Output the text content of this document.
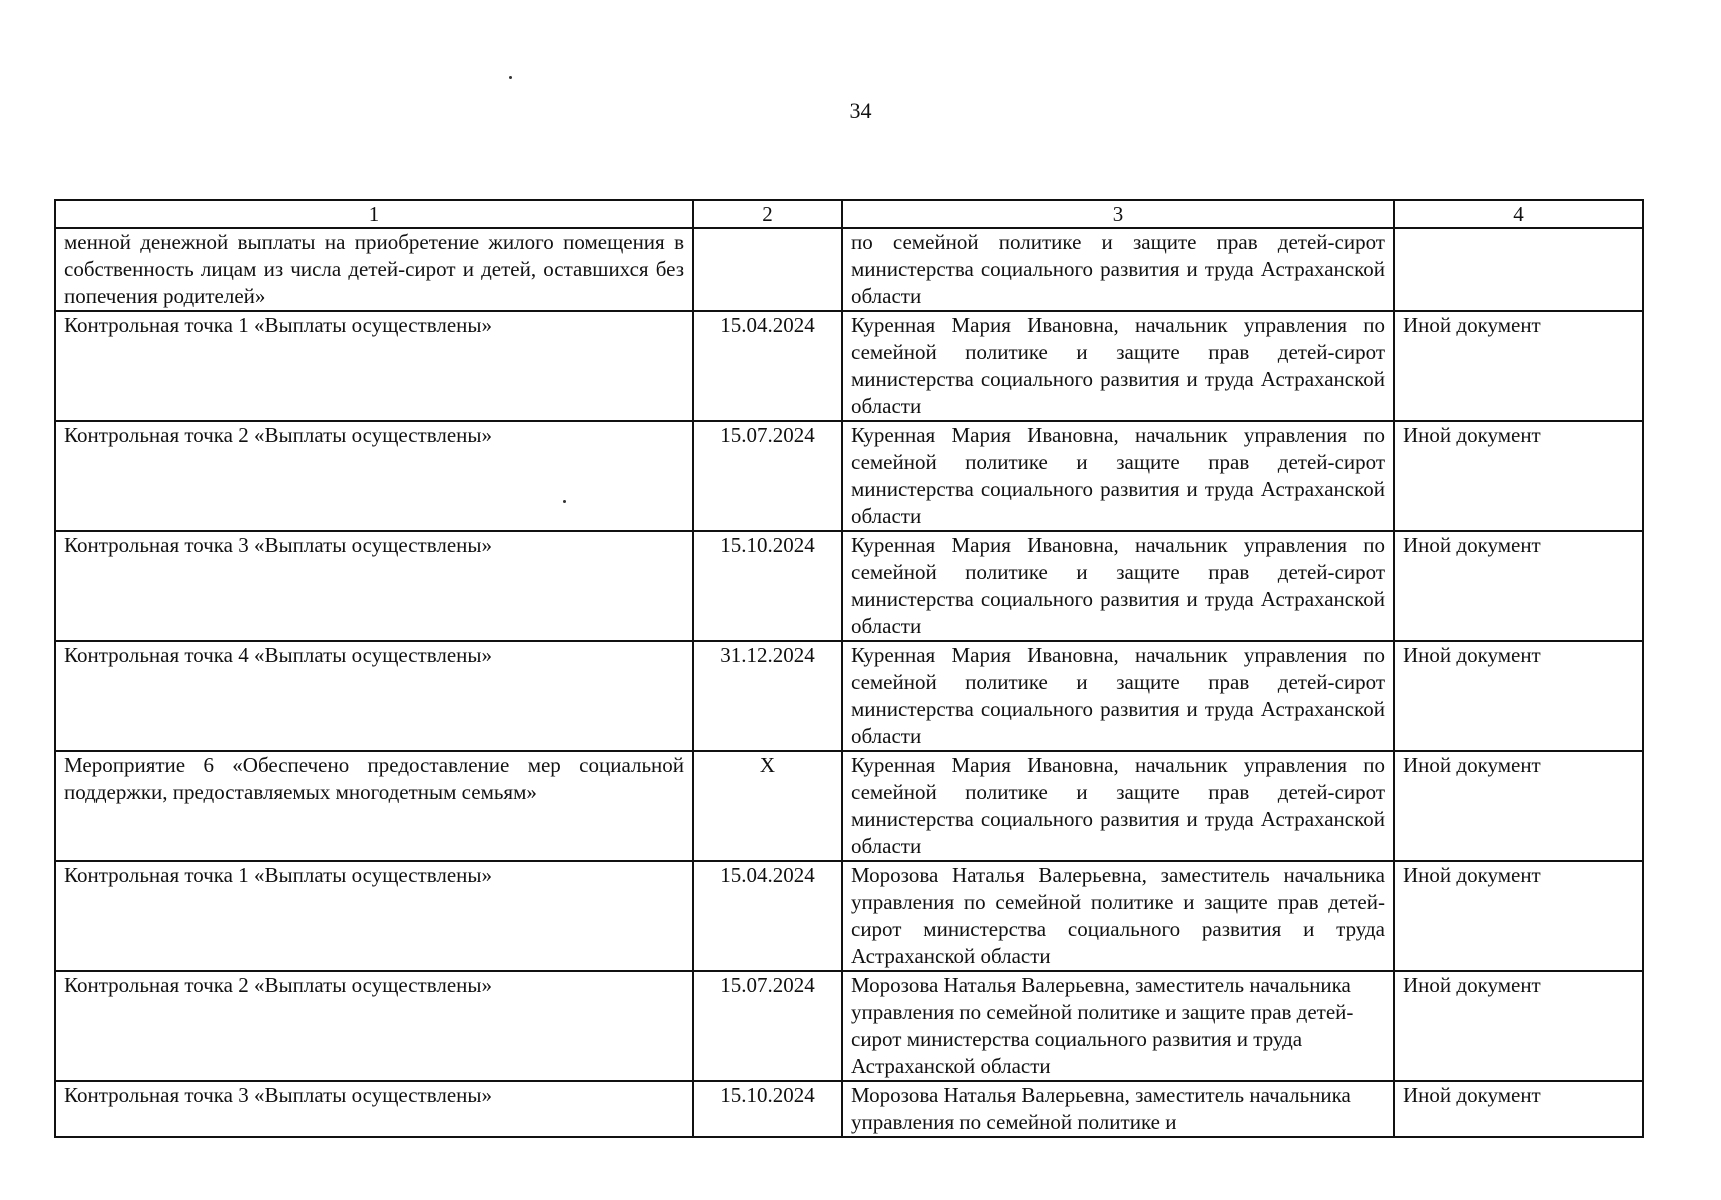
34
1	2	3	4
менной денежной выплаты на приобретение жилого помещения в собственность лицам из числа детей-сирот и детей, оставшихся без попечения родителей»		по семейной политике и защите прав детей-сирот министерства социального развития и труда Астраханской области	
Контрольная точка 1 «Выплаты осуществлены»	15.04.2024	Куренная Мария Ивановна, начальник управления по семейной политике и защите прав детей-сирот министерства социального развития и труда Астраханской области	Иной документ
Контрольная точка 2 «Выплаты осуществлены»	15.07.2024	Куренная Мария Ивановна, начальник управления по семейной политике и защите прав детей-сирот министерства социального развития и труда Астраханской области	Иной документ
Контрольная точка 3 «Выплаты осуществлены»	15.10.2024	Куренная Мария Ивановна, начальник управления по семейной политике и защите прав детей-сирот министерства социального развития и труда Астраханской области	Иной документ
Контрольная точка 4 «Выплаты осуществлены»	31.12.2024	Куренная Мария Ивановна, начальник управления по семейной политике и защите прав детей-сирот министерства социального развития и труда Астраханской области	Иной документ
Мероприятие 6 «Обеспечено предоставление мер социальной поддержки, предоставляемых многодетным семьям»	X	Куренная Мария Ивановна, начальник управления по семейной политике и защите прав детей-сирот министерства социального развития и труда Астраханской области	Иной документ
Контрольная точка 1 «Выплаты осуществлены»	15.04.2024	Морозова Наталья Валерьевна, заместитель начальника управления по семейной политике и защите прав детей-сирот министерства социального развития и труда Астраханской области	Иной документ
Контрольная точка 2 «Выплаты осуществлены»	15.07.2024	Морозова Наталья Валерьевна, заместитель начальника управления по семейной политике и защите прав детей-сирот министерства социального развития и труда Астраханской области	Иной документ
Контрольная точка 3 «Выплаты осуществлены»	15.10.2024	Морозова Наталья Валерьевна, заместитель начальника управления по семейной политике и	Иной документ
